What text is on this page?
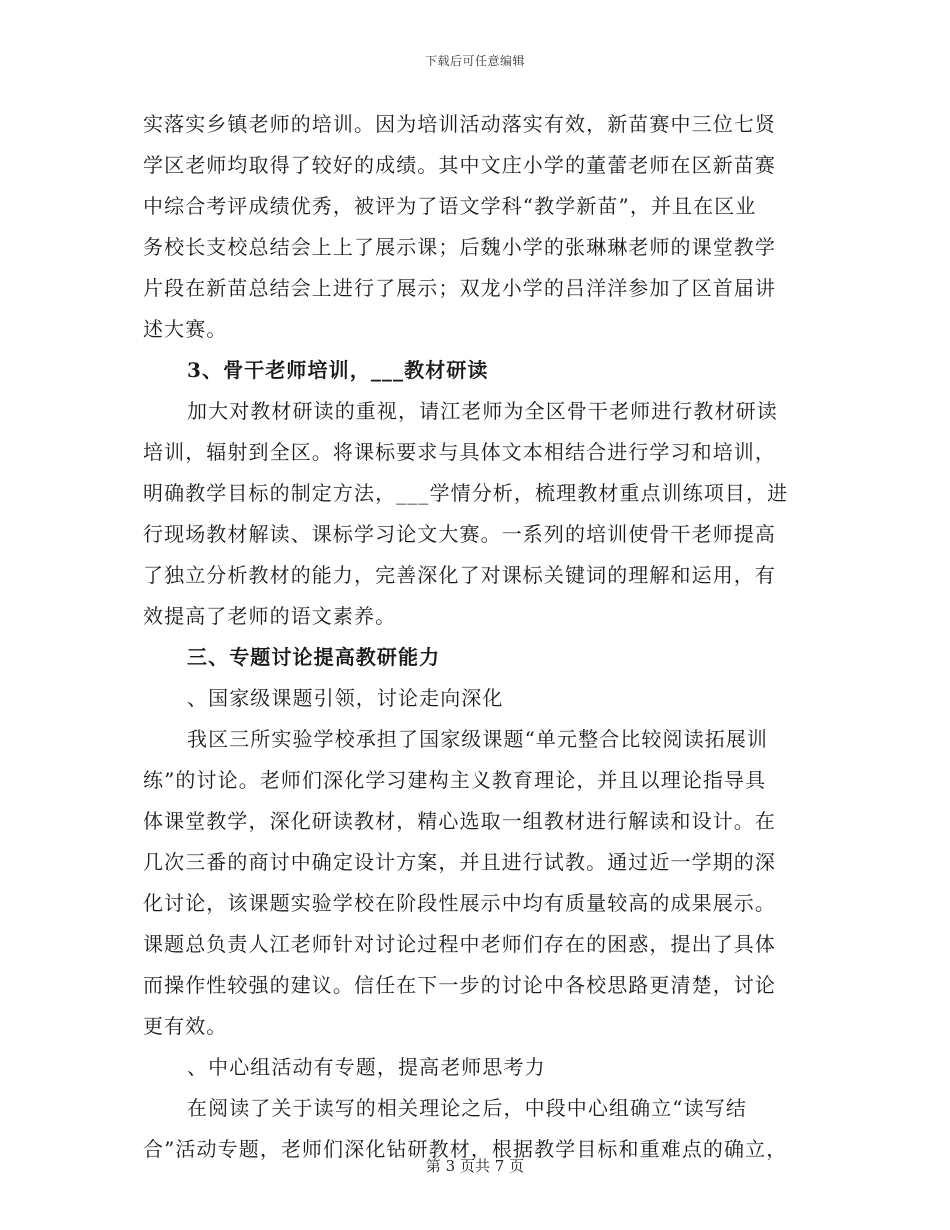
下载后可任意编辑
实落实乡镇老师的培训。因为培训活动落实有效，新苗赛中三位七贤
学区老师均取得了较好的成绩。其中文庄小学的董蕾老师在区新苗赛
中综合考评成绩优秀，被评为了语文学科“教学新苗”，并且在区业
务校长支校总结会上上了展示课；后魏小学的张琳琳老师的课堂教学
片段在新苗总结会上进行了展示；双龙小学的吕洋洋参加了区首届讲
述大赛。
3、骨干老师培训，___教材研读
加大对教材研读的重视，请江老师为全区骨干老师进行教材研读
培训，辐射到全区。将课标要求与具体文本相结合进行学习和培训，
明确教学目标的制定方法，___学情分析，梳理教材重点训练项目，进
行现场教材解读、课标学习论文大赛。一系列的培训使骨干老师提高
了独立分析教材的能力，完善深化了对课标关键词的理解和运用，有
效提高了老师的语文素养。
三、专题讨论提高教研能力
、国家级课题引领，讨论走向深化
我区三所实验学校承担了国家级课题“单元整合比较阅读拓展训
练”的讨论。老师们深化学习建构主义教育理论，并且以理论指导具
体课堂教学，深化研读教材，精心选取一组教材进行解读和设计。在
几次三番的商讨中确定设计方案，并且进行试教。通过近一学期的深
化讨论，该课题实验学校在阶段性展示中均有质量较高的成果展示。
课题总负责人江老师针对讨论过程中老师们存在的困惑，提出了具体
而操作性较强的建议。信任在下一步的讨论中各校思路更清楚，讨论
更有效。
、中心组活动有专题，提高老师思考力
在阅读了关于读写的相关理论之后，中段中心组确立“读写结
合”活动专题，老师们深化钻研教材，根据教学目标和重难点的确立，
第 3 页共 7 页
